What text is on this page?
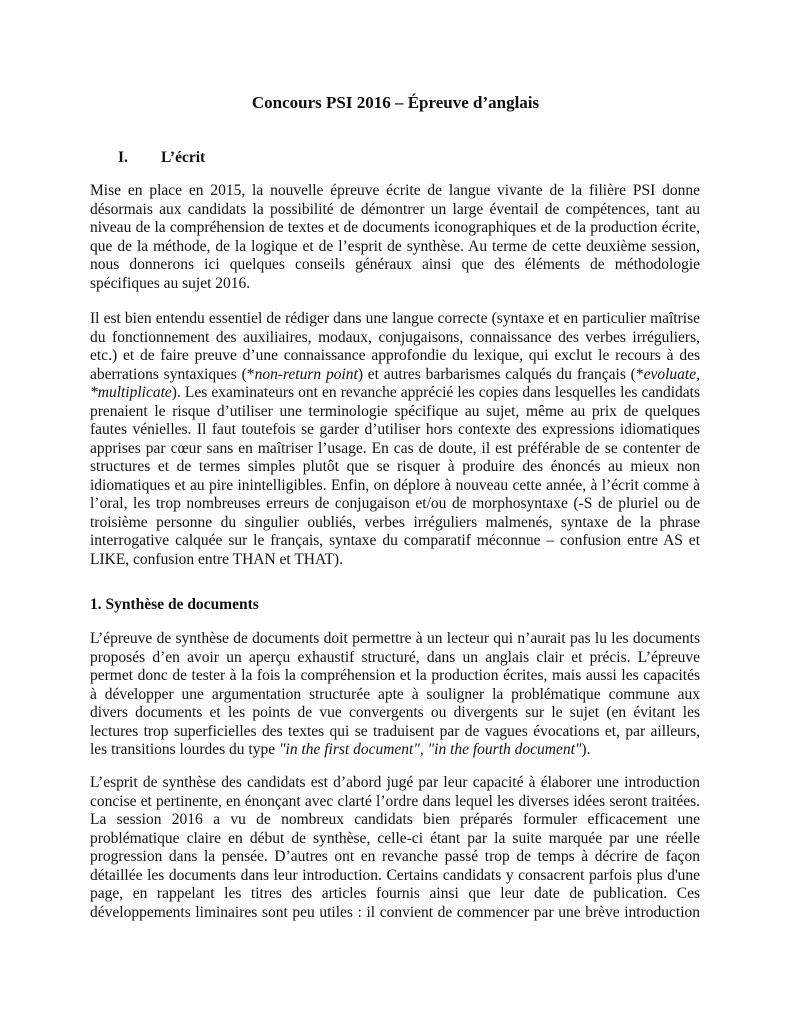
Concours PSI 2016 – Épreuve d’anglais
I.	L’écrit
Mise en place en 2015, la nouvelle épreuve écrite de langue vivante de la filière PSI donne
désormais aux candidats la possibilité de démontrer un large éventail de compétences, tant au
niveau de la compréhension de textes et de documents iconographiques et de la production écrite,
que de la méthode, de la logique et de l’esprit de synthèse. Au terme de cette deuxième session,
nous donnerons ici quelques conseils généraux ainsi que des éléments de méthodologie
spécifiques au sujet 2016.
Il est bien entendu essentiel de rédiger dans une langue correcte (syntaxe et en particulier maîtrise
du fonctionnement des auxiliaires, modaux, conjugaisons, connaissance des verbes irréguliers,
etc.) et de faire preuve d’une connaissance approfondie du lexique, qui exclut le recours à des
aberrations syntaxiques (*non-return point) et autres barbarismes calqués du français (*evoluate,
*multiplicate). Les examinateurs ont en revanche apprécié les copies dans lesquelles les candidats
prenaient le risque d’utiliser une terminologie spécifique au sujet, même au prix de quelques
fautes vénielles. Il faut toutefois se garder d’utiliser hors contexte des expressions idiomatiques
apprises par cœur sans en maîtriser l’usage. En cas de doute, il est préférable de se contenter de
structures et de termes simples plutôt que se risquer à produire des énoncés au mieux non
idiomatiques et au pire inintelligibles. Enfin, on déplore à nouveau cette année, à l’écrit comme à
l’oral, les trop nombreuses erreurs de conjugaison et/ou de morphosyntaxe (-S de pluriel ou de
troisième personne du singulier oubliés, verbes irréguliers malmenés, syntaxe de la phrase
interrogative calquée sur le français, syntaxe du comparatif méconnue – confusion entre AS et
LIKE, confusion entre THAN et THAT).
1. Synthèse de documents
L’épreuve de synthèse de documents doit permettre à un lecteur qui n’aurait pas lu les documents
proposés d’en avoir un aperçu exhaustif structuré, dans un anglais clair et précis. L’épreuve
permet donc de tester à la fois la compréhension et la production écrites, mais aussi les capacités
à développer une argumentation structurée apte à souligner la problématique commune aux
divers documents et les points de vue convergents ou divergents sur le sujet (en évitant les
lectures trop superficielles des textes qui se traduisent par de vagues évocations et, par ailleurs,
les transitions lourdes du type "in the first document", "in the fourth document").
L’esprit de synthèse des candidats est d’abord jugé par leur capacité à élaborer une introduction
concise et pertinente, en énonçant avec clarté l’ordre dans lequel les diverses idées seront traitées.
La session 2016 a vu de nombreux candidats bien préparés formuler efficacement une
problématique claire en début de synthèse, celle-ci étant par la suite marquée par une réelle
progression dans la pensée. D’autres ont en revanche passé trop de temps à décrire de façon
détaillée les documents dans leur introduction. Certains candidats y consacrent parfois plus d'une
page, en rappelant les titres des articles fournis ainsi que leur date de publication. Ces
développements liminaires sont peu utiles : il convient de commencer par une brève introduction
